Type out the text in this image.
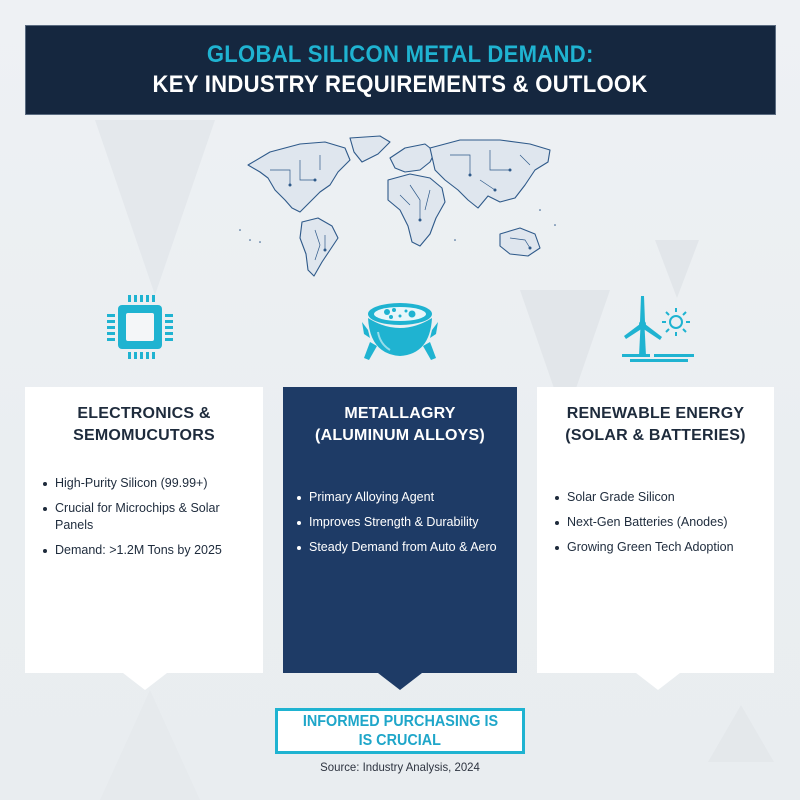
GLOBAL SILICON METAL DEMAND:
KEY INDUSTRY REQUIREMENTS & OUTLOOK
ELECTRONICS &
SEMOMUCUTORS
High-Purity Silicon (99.99+)
Crucial for Microchips & Solar Panels
Demand: >1.2M Tons by 2025
METALLAGRY
(ALUMINUM ALLOYS)
Primary Alloying Agent
Improves Strength & Durability
Steady Demand from Auto & Aero
RENEWABLE ENERGY
(SOLAR & BATTERIES)
Solar Grade Silicon
Next-Gen Batteries (Anodes)
Growing Green Tech Adoption
INFORMED PURCHASING IS
IS CRUCIAL
Source: Industry Analysis, 2024
